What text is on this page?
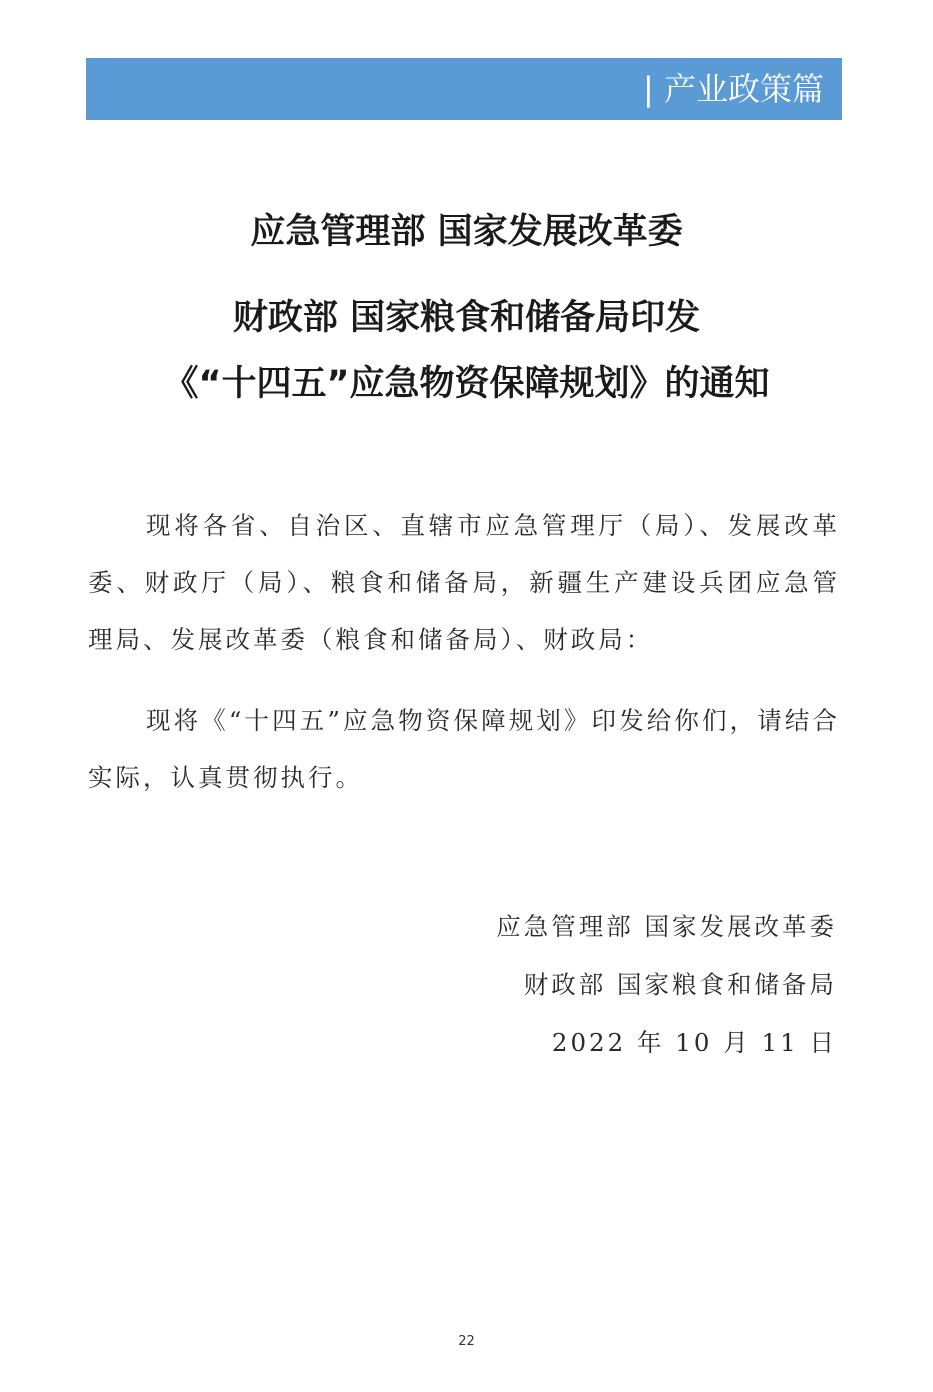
| 产业政策篇
应急管理部 国家发展改革委
财政部 国家粮食和储备局印发
《“十四五”应急物资保障规划》的通知

现将各省、自治区、直辖市应急管理厅（局）、发展改革委、财政厅（局）、粮食和储备局，新疆生产建设兵团应急管理局、发展改革委（粮食和储备局）、财政局：

现将《“十四五”应急物资保障规划》印发给你们，请结合实际，认真贯彻执行。

应急管理部 国家发展改革委
财政部 国家粮食和储备局
2022 年 10 月 11 日
22
